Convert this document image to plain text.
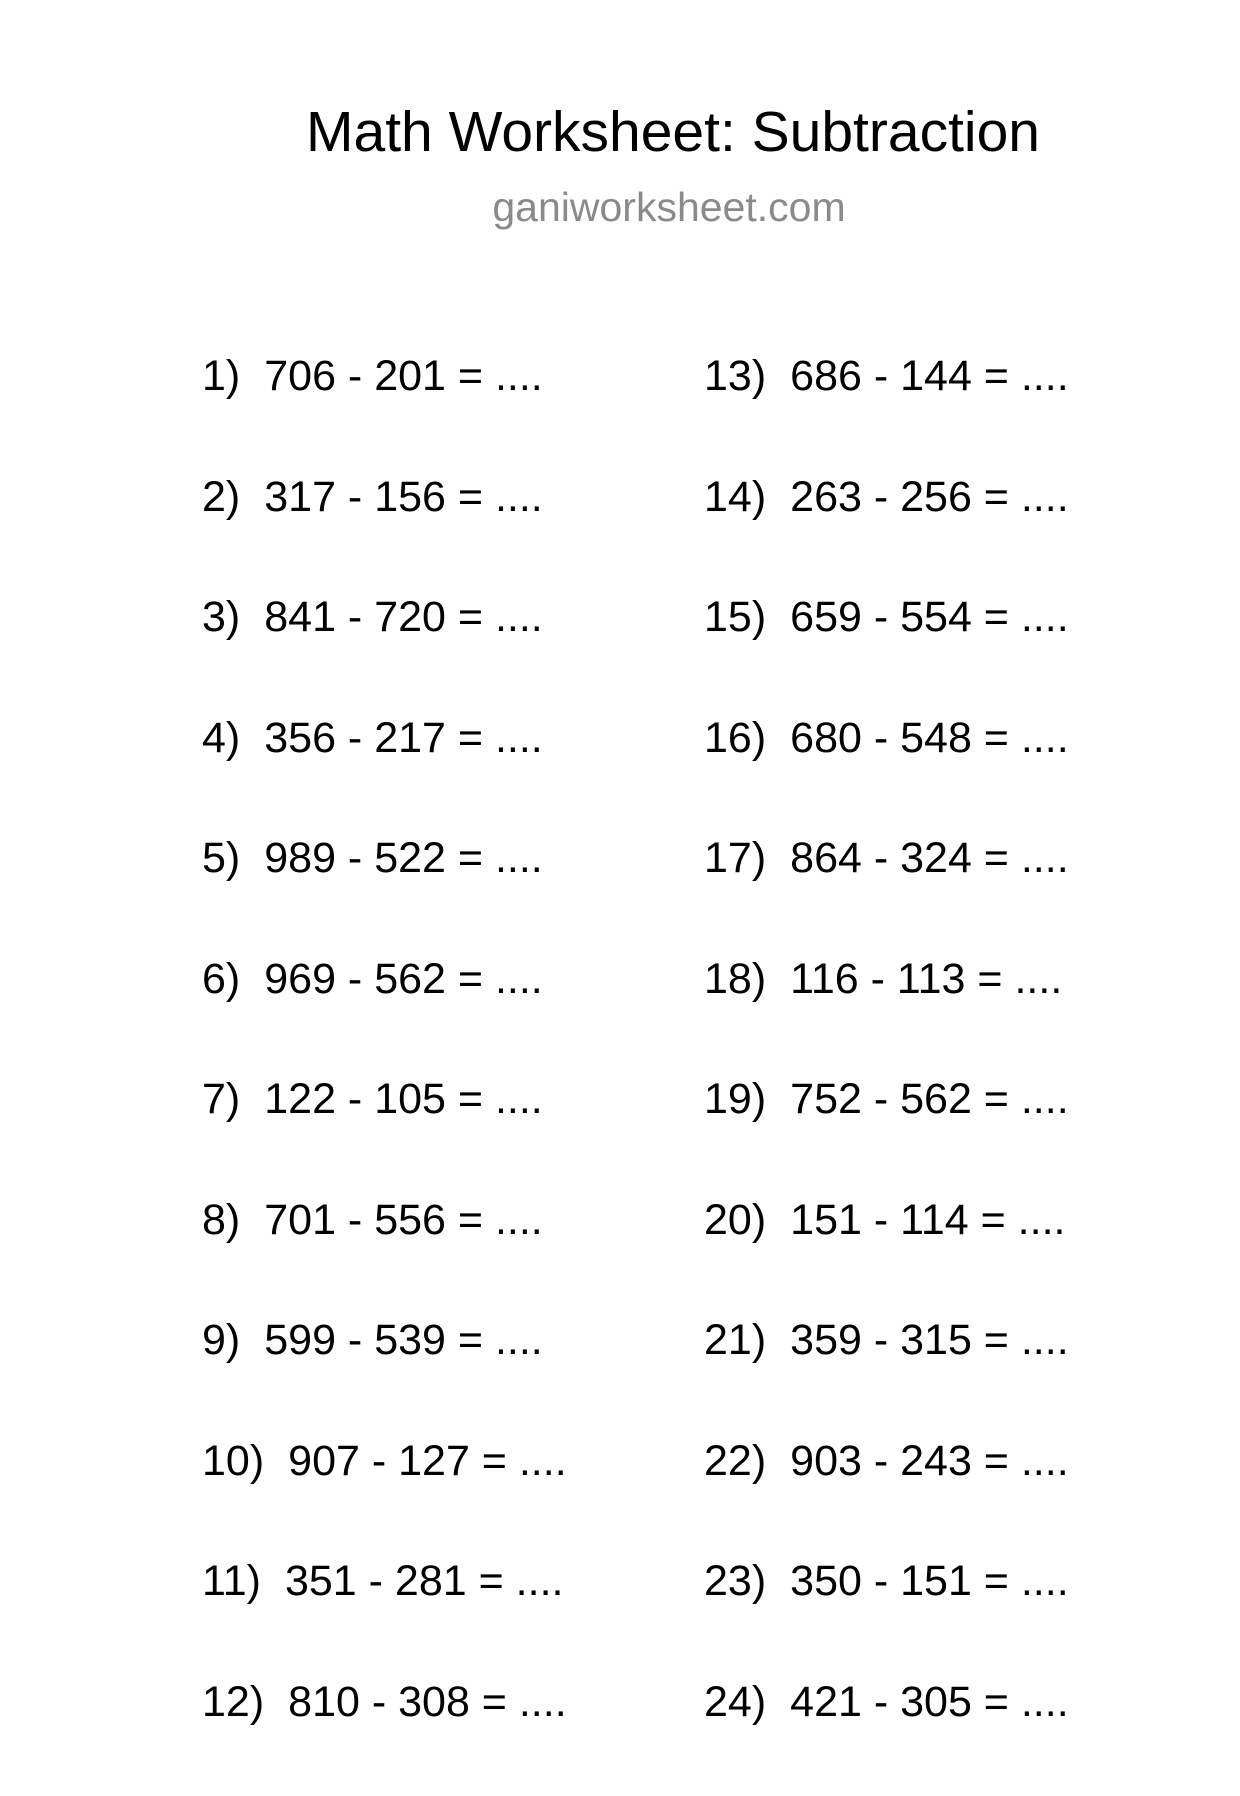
Math Worksheet: Subtraction
ganiworksheet.com
1) 706 - 201 = ....
2) 317 - 156 = ....
3) 841 - 720 = ....
4) 356 - 217 = ....
5) 989 - 522 = ....
6) 969 - 562 = ....
7) 122 - 105 = ....
8) 701 - 556 = ....
9) 599 - 539 = ....
10) 907 - 127 = ....
11) 351 - 281 = ....
12) 810 - 308 = ....
13) 686 - 144 = ....
14) 263 - 256 = ....
15) 659 - 554 = ....
16) 680 - 548 = ....
17) 864 - 324 = ....
18) 116 - 113 = ....
19) 752 - 562 = ....
20) 151 - 114 = ....
21) 359 - 315 = ....
22) 903 - 243 = ....
23) 350 - 151 = ....
24) 421 - 305 = ....
